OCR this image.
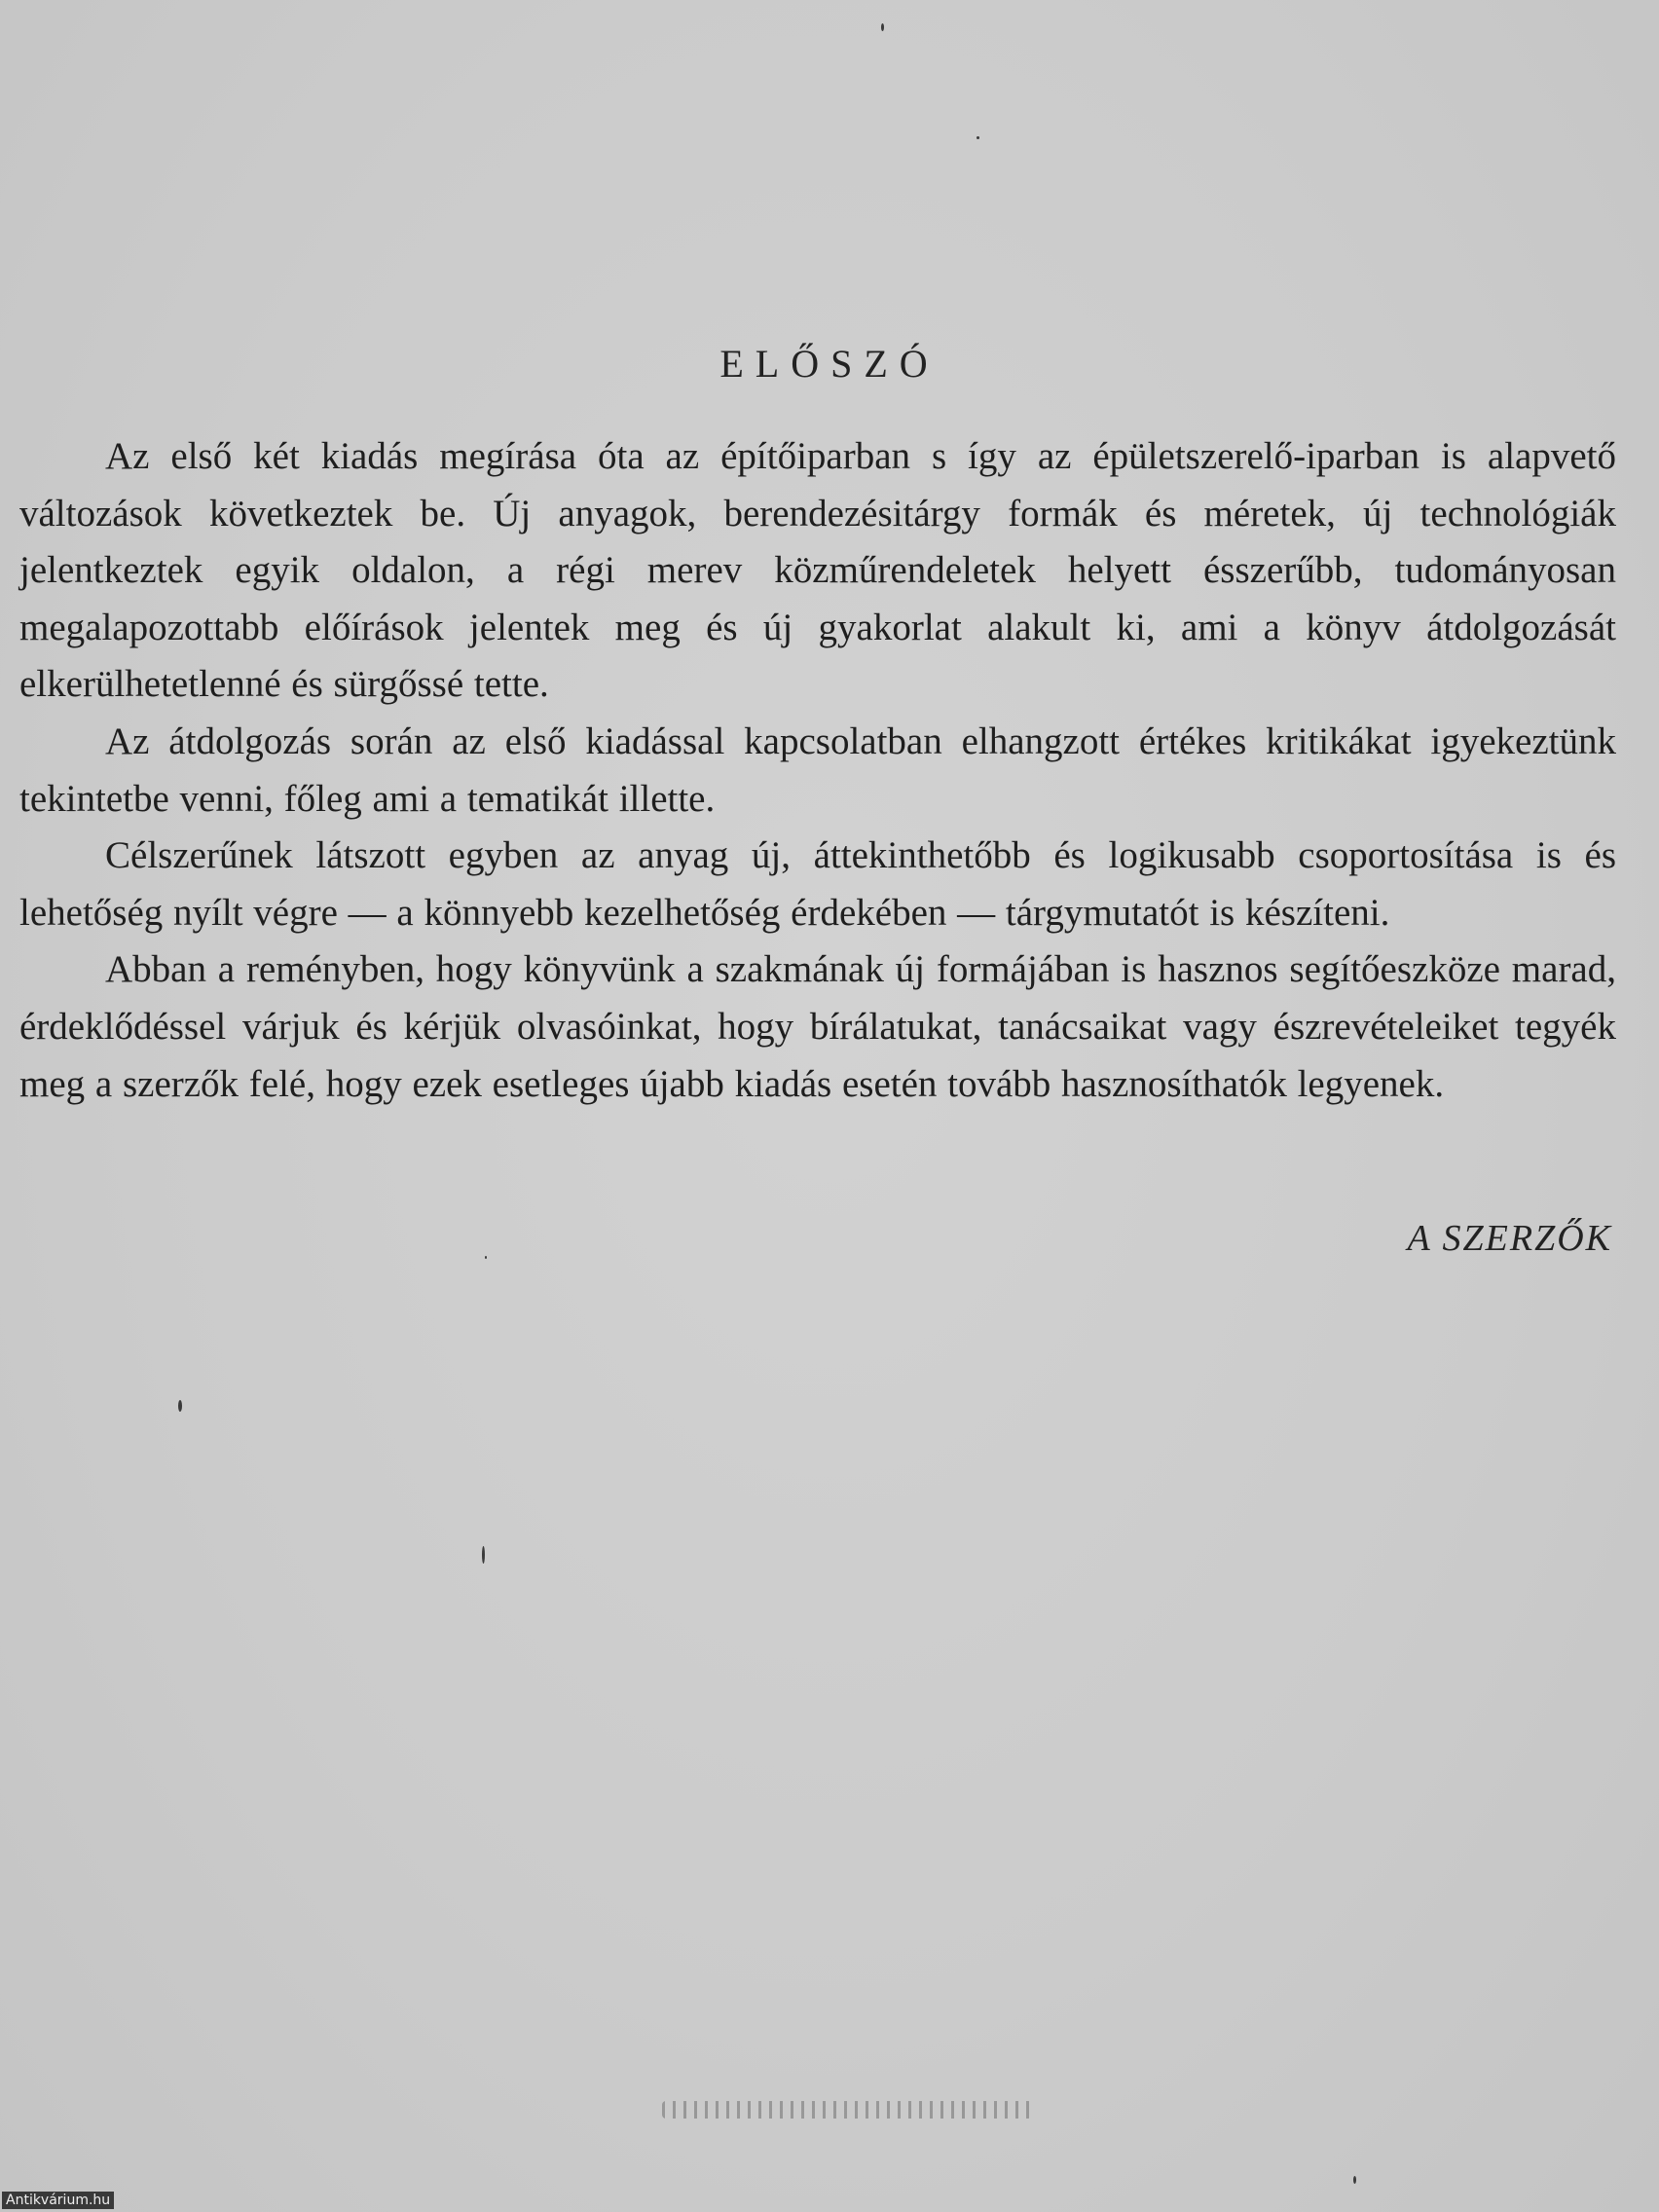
ELŐSZÓ

Az első két kiadás megírása óta az építőiparban s így az épületszerelő-iparban is alapvető változások következtek be. Új anyagok, berendezésitárgy formák és méretek, új technológiák jelentkeztek egyik oldalon, a régi merev közműrendeletek helyett ésszerűbb, tudományosan megalapozottabb előírások jelentek meg és új gyakorlat alakult ki, ami a könyv átdolgozását elkerülhetetlenné és sürgőssé tette.

Az átdolgozás során az első kiadással kapcsolatban elhangzott értékes kritikákat igyekeztünk tekintetbe venni, főleg ami a tematikát illette.

Célszerűnek látszott egyben az anyag új, áttekinthetőbb és logikusabb csoportosítása is és lehetőség nyílt végre — a könnyebb kezelhetőség érdekében — tárgymutatót is készíteni.

Abban a reményben, hogy könyvünk a szakmának új formájában is hasznos segítőeszköze marad, érdeklődéssel várjuk és kérjük olvasóinkat, hogy bírálatukat, tanácsaikat vagy észrevételeiket tegyék meg a szerzők felé, hogy ezek esetleges újabb kiadás esetén tovább hasznosíthatók legyenek.

A SZERZŐK
Antikvárium.hu
